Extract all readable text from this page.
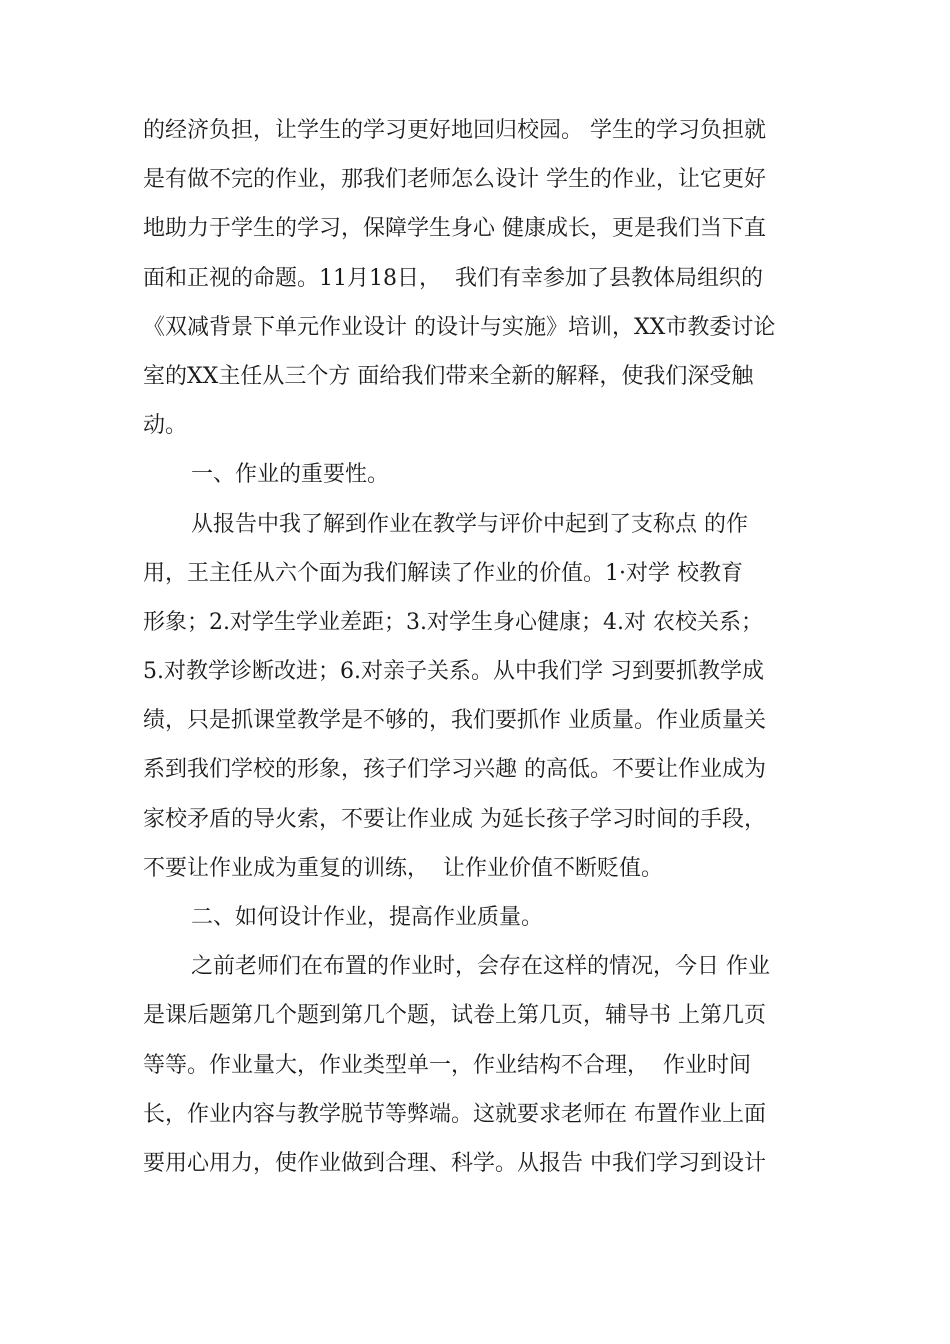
的经济负担，让学生的学习更好地回归校园。 学生的学习负担就
是有做不完的作业，那我们老师怎么设计 学生的作业，让它更好
地助力于学生的学习，保障学生身心 健康成长，更是我们当下直
面和正视的命题。11月18日，  我们有幸参加了县教体局组织的
《双减背景下单元作业设计 的设计与实施》培训，XX市教委讨论
室的XX主任从三个方 面给我们带来全新的解释，使我们深受触
动。
一、作业的重要性。
从报告中我了解到作业在教学与评价中起到了支称点 的作
用，王主任从六个面为我们解读了作业的价值。1·对学 校教育
形象；2.对学生学业差距；3.对学生身心健康；4.对 农校关系；
5.对教学诊断改进；6.对亲子关系。从中我们学 习到要抓教学成
绩，只是抓课堂教学是不够的，我们要抓作 业质量。作业质量关
系到我们学校的形象，孩子们学习兴趣 的高低。不要让作业成为
家校矛盾的导火索，不要让作业成 为延长孩子学习时间的手段，
不要让作业成为重复的训练，  让作业价值不断贬值。
二、如何设计作业，提高作业质量。
之前老师们在布置的作业时，会存在这样的情况，今日 作业
是课后题第几个题到第几个题，试卷上第几页，辅导书 上第几页
等等。作业量大，作业类型单一，作业结构不合理，  作业时间
长，作业内容与教学脱节等弊端。这就要求老师在 布置作业上面
要用心用力，使作业做到合理、科学。从报告 中我们学习到设计
